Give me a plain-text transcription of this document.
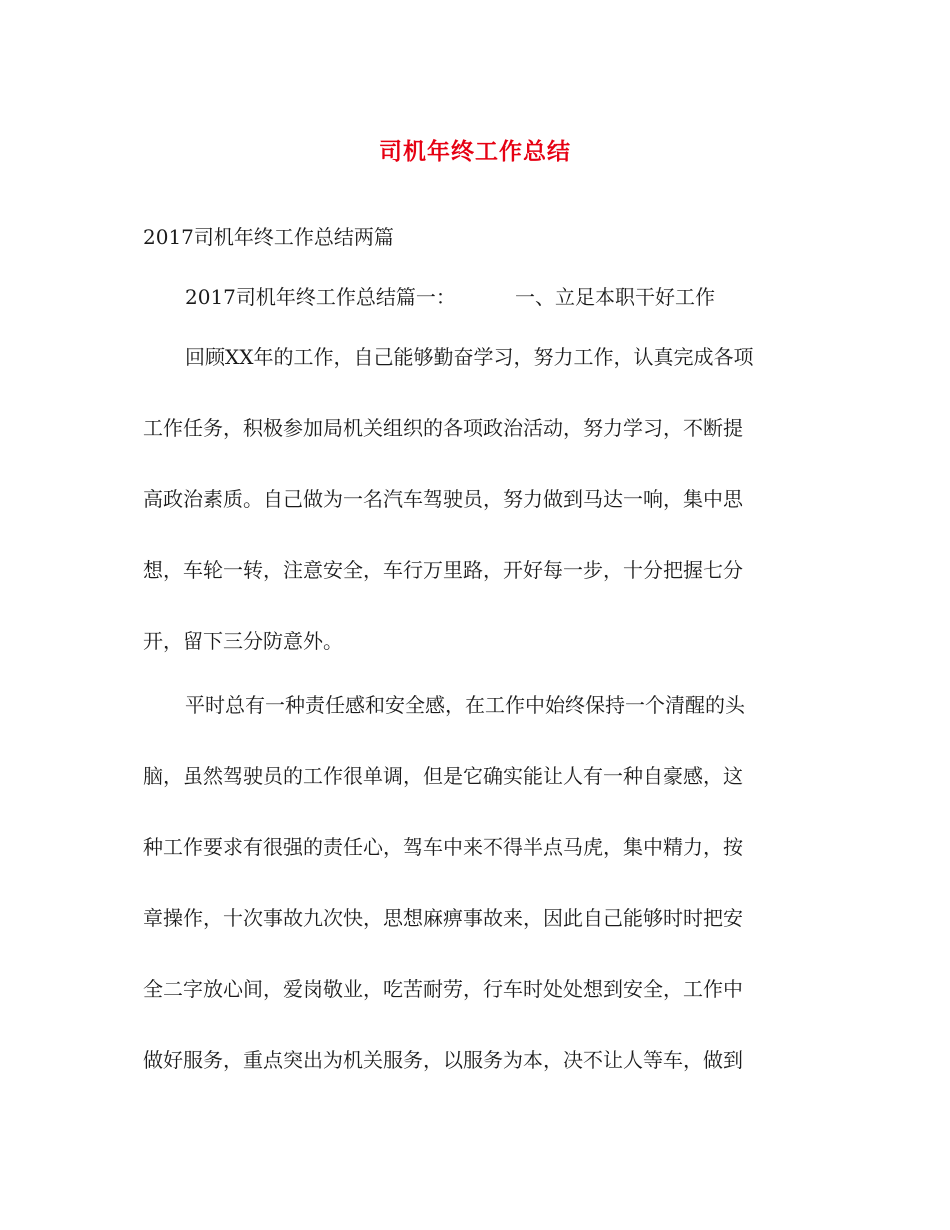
司机年终工作总结
2017司机年终工作总结两篇
2017司机年终工作总结篇一：	一、立足本职干好工作
回顾XX年的工作，自己能够勤奋学习，努力工作，认真完成各项
工作任务，积极参加局机关组织的各项政治活动，努力学习，不断提
高政治素质。自己做为一名汽车驾驶员，努力做到马达一响，集中思
想，车轮一转，注意安全，车行万里路，开好每一步，十分把握七分
开，留下三分防意外。
平时总有一种责任感和安全感，在工作中始终保持一个清醒的头
脑，虽然驾驶员的工作很单调，但是它确实能让人有一种自豪感，这
种工作要求有很强的责任心，驾车中来不得半点马虎，集中精力，按
章操作，十次事故九次快，思想麻痹事故来，因此自己能够时时把安
全二字放心间，爱岗敬业，吃苦耐劳，行车时处处想到安全，工作中
做好服务，重点突出为机关服务，以服务为本，决不让人等车，做到
